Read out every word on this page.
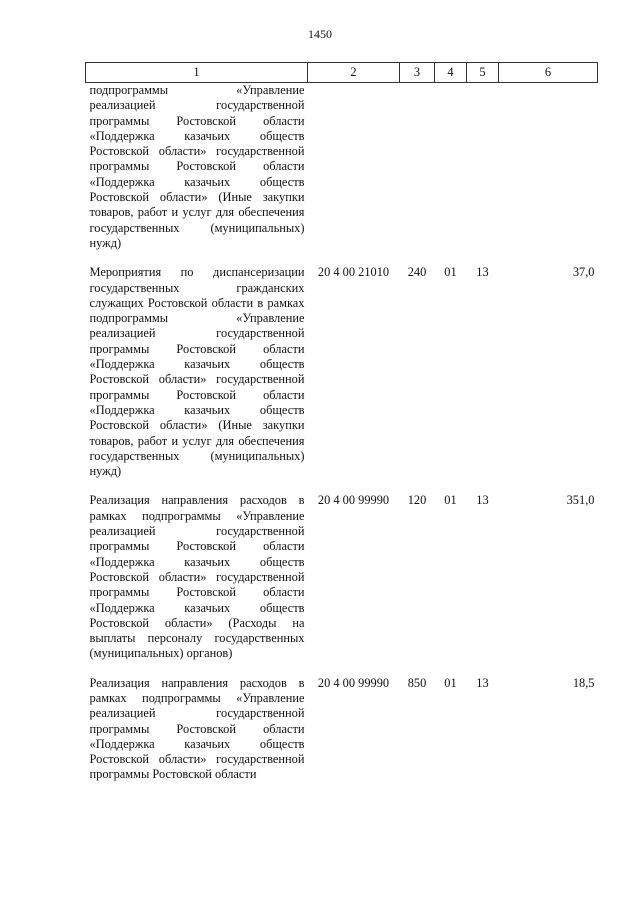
1450
1	2	3	4	5	6
подпрограммы «Управление реализацией государственной программы Ростовской области «Поддержка казачьих обществ Ростовской области» государственной программы Ростовской области «Поддержка казачьих обществ Ростовской области» (Иные закупки товаров, работ и услуг для обеспечения государственных (муниципальных) нужд)					
Мероприятия по диспансеризaции государственных гражданских служащих Ростовской области в рамках подпрограммы «Управление реализацией государственной программы Ростовской области «Поддержка казачьих обществ Ростовской области» государственной программы Ростовской области «Поддержка казачьих обществ Ростовской области» (Иные закупки товаров, работ и услуг для обеспечения государственных (муниципальных) нужд)	20 4 00 21010	240	01	13	37,0
Реализация направления расходов в рамках подпрограммы «Управление реализацией государственной программы Ростовской области «Поддержка казачьих обществ Ростовской области» государственной программы Ростовской области «Поддержка казачьих обществ Ростовской области» (Расходы на выплаты персоналу государственных (муниципальных) органов)	20 4 00 99990	120	01	13	351,0
Реализация направления расходов в рамках подпрограммы «Управление реализацией государственной программы Ростовской области «Поддержка казачьих обществ Ростовской области» государственной программы Ростовской области	20 4 00 99990	850	01	13	18,5
